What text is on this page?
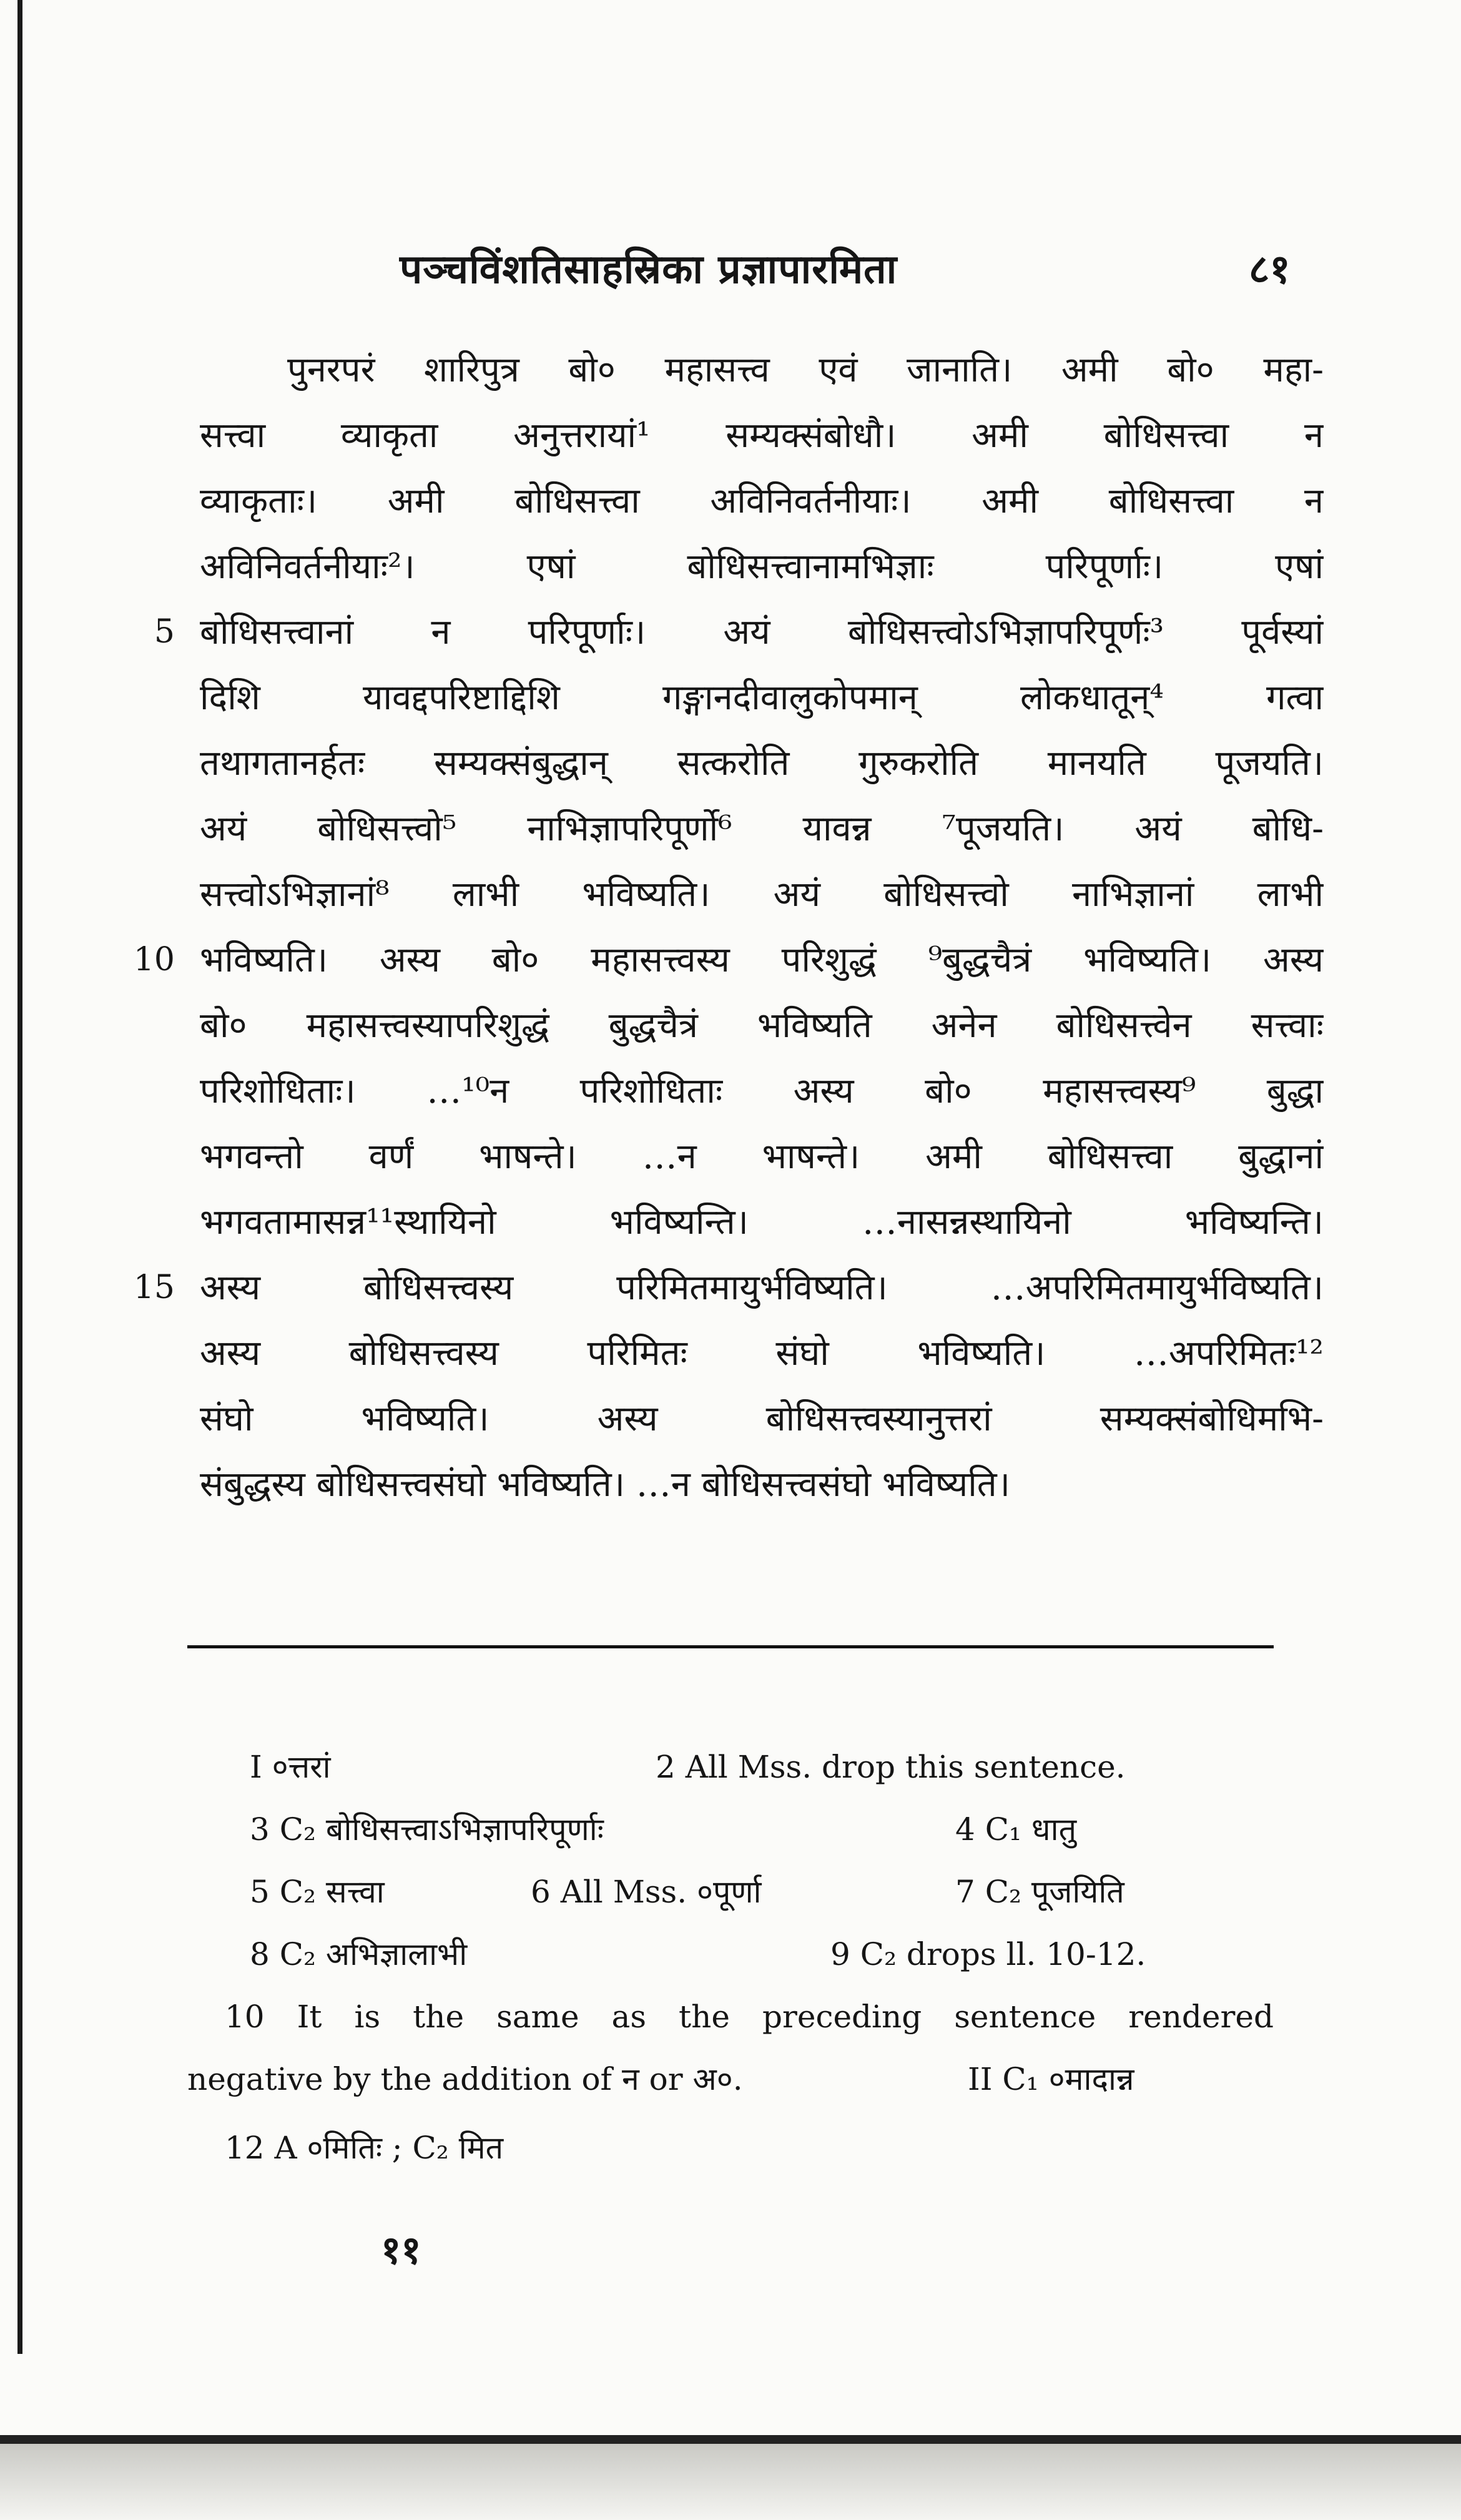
पञ्चविंशतिसाहस्रिका प्रज्ञापारमिता	८१
पुनरपरं शारिपुत्र बो० महासत्त्व एवं जानाति। अमी बो० महा-
सत्त्वा व्याकृता अनुत्तरायां¹ सम्यक्संबोधौ। अमी बोधिसत्त्वा न
व्याकृताः। अमी बोधिसत्त्वा अविनिवर्तनीयाः। अमी बोधिसत्त्वा न
अविनिवर्तनीयाः²। एषां बोधिसत्त्वानामभिज्ञाः परिपूर्णाः। एषां
5 बोधिसत्त्वानां न परिपूर्णाः। अयं बोधिसत्त्वोऽभिज्ञापरिपूर्णः³ पूर्वस्यां
दिशि यावद्दपरिष्टाद्दिशि गङ्गानदीवालुकोपमान् लोकधातून्⁴ गत्वा
तथागतानर्हतः सम्यक्संबुद्धान् सत्करोति गुरुकरोति मानयति पूजयति।
अयं बोधिसत्त्वो⁵ नाभिज्ञापरिपूर्णो⁶ यावन्न ⁷पूजयति। अयं बोधि-
सत्त्वोऽभिज्ञानां⁸ लाभी भविष्यति। अयं बोधिसत्त्वो नाभिज्ञानां लाभी
10 भविष्यति। अस्य बो० महासत्त्वस्य परिशुद्धं ⁹बुद्धचैत्रं भविष्यति। अस्य
बो० महासत्त्वस्यापरिशुद्धं बुद्धचैत्रं भविष्यति अनेन बोधिसत्त्वेन सत्त्वाः
परिशोधिताः। …¹⁰न परिशोधिताः अस्य बो० महासत्त्वस्य⁹ बुद्धा
भगवन्तो वर्णं भाषन्ते। …न भाषन्ते। अमी बोधिसत्त्वा बुद्धानां
भगवतामासन्न¹¹स्थायिनो भविष्यन्ति। …नासन्नस्थायिनो भविष्यन्ति।
15 अस्य बोधिसत्त्वस्य परिमितमायुर्भविष्यति। …अपरिमितमायुर्भविष्यति।
अस्य बोधिसत्त्वस्य परिमितः संघो भविष्यति। …अपरिमितः¹²
संघो भविष्यति। अस्य बोधिसत्त्वस्यानुत्तरां सम्यक्संबोधिमभि-
संबुद्धस्य बोधिसत्त्वसंघो भविष्यति। …न बोधिसत्त्वसंघो भविष्यति।
I ०त्तरां	2 All Mss. drop this sentence.
3 C₂ बोधिसत्त्वाऽभिज्ञापरिपूर्णाः	4 C₁ धातु
5 C₂ सत्त्वा	6 All Mss. ०पूर्णा	7 C₂ पूजयिति
8 C₂ अभिज्ञालाभी	9 C₂ drops ll. 10-12.
10 It is the same as the preceding sentence rendered
negative by the addition of न or अ०.	II C₁ ०मादान्न
12 A ०मितिः ; C₂ मित
११
